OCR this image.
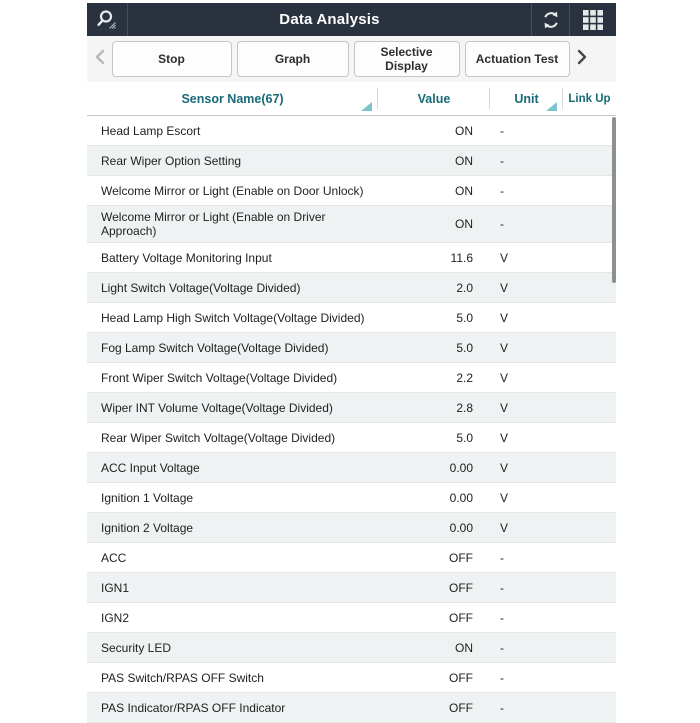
Data Analysis
Stop	Graph	Selective Display	Actuation Test
Sensor Name(67)	Value	Unit	Link Up
Head Lamp Escort	ON	-
Rear Wiper Option Setting	ON	-
Welcome Mirror or Light (Enable on Door Unlock)	ON	-
Welcome Mirror or Light (Enable on Driver Approach)	ON	-
Battery Voltage Monitoring Input	11.6	V
Light Switch Voltage(Voltage Divided)	2.0	V
Head Lamp High Switch Voltage(Voltage Divided)	5.0	V
Fog Lamp Switch Voltage(Voltage Divided)	5.0	V
Front Wiper Switch Voltage(Voltage Divided)	2.2	V
Wiper INT Volume Voltage(Voltage Divided)	2.8	V
Rear Wiper Switch Voltage(Voltage Divided)	5.0	V
ACC Input Voltage	0.00	V
Ignition 1 Voltage	0.00	V
Ignition 2 Voltage	0.00	V
ACC	OFF	-
IGN1	OFF	-
IGN2	OFF	-
Security LED	ON	-
PAS Switch/RPAS OFF Switch	OFF	-
PAS Indicator/RPAS OFF Indicator	OFF	-
